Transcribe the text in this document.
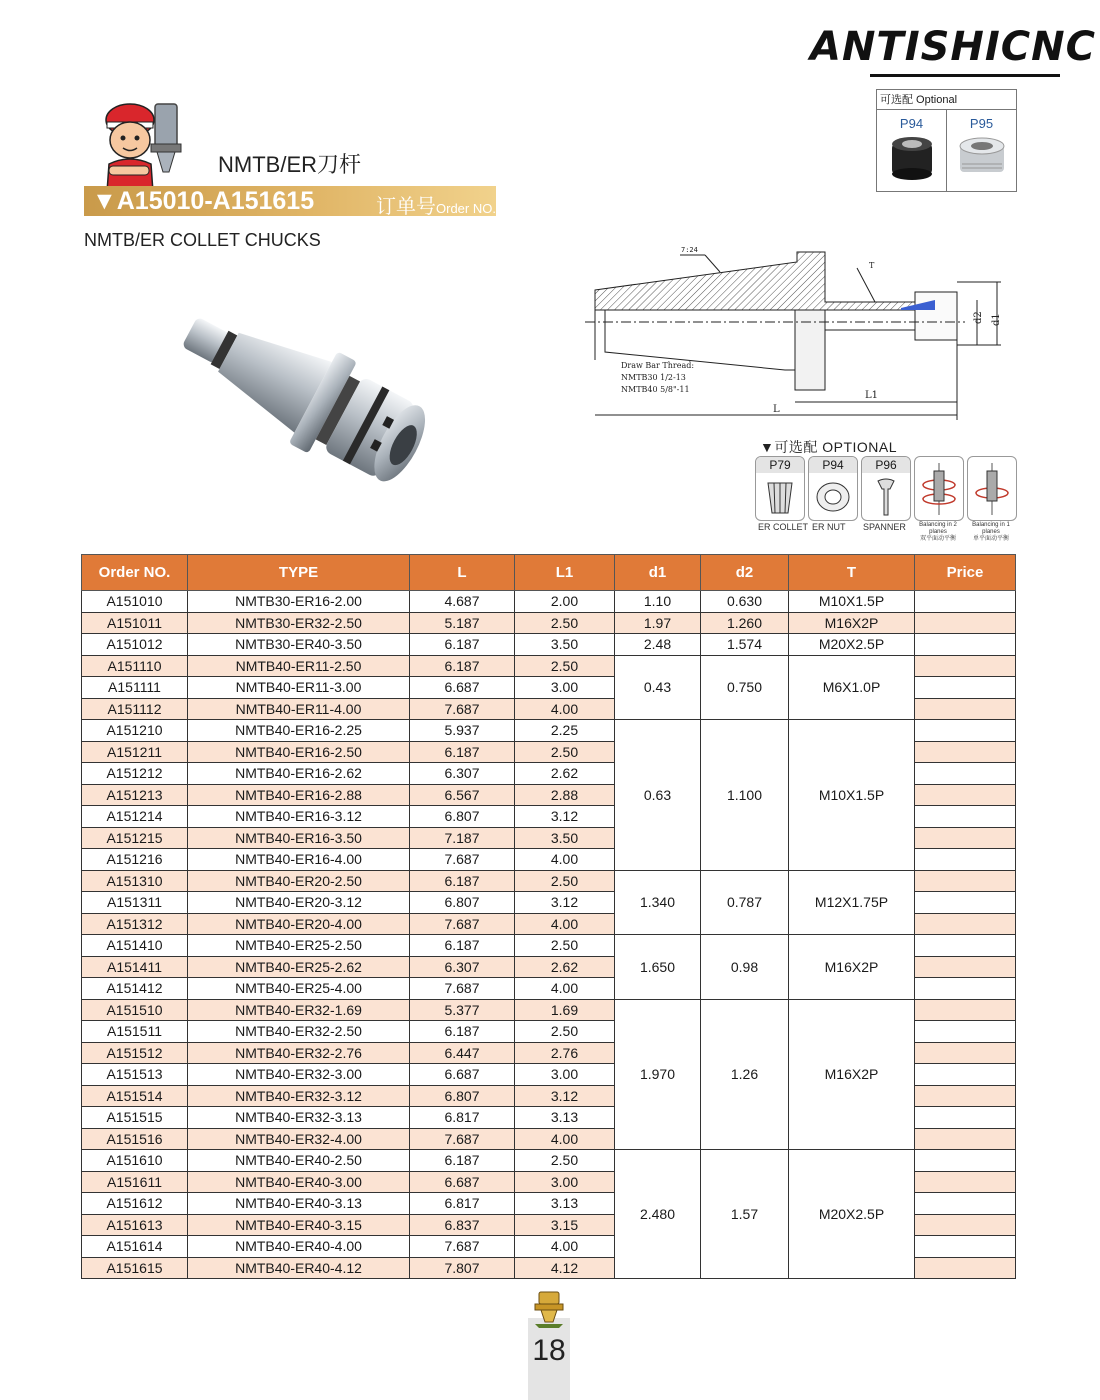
ANTISHICNC
NMTB/ER刀杆
▼A15010-A151615	订单号Order NO.
NMTB/ER COLLET CHUCKS
可选配 Optional
P94	P95
7:24
T
L1
L
d2 d1
Draw Bar Thread:
NMTB30 1/2-13
NMTB40 5/8"-11
▼可选配 OPTIONAL
P79	P94	P96
ER COLLET ER NUT SPANNER	Balancing in 2 planes
双平面动平衡
Balancing in 1 planes
单平面动平衡
Order NO.	TYPE	L	L1	d1	d2	T	Price
A151010	NMTB30-ER16-2.00	4.687	2.00	1.10	0.630	M10X1.5P	
A151011	NMTB30-ER32-2.50	5.187	2.50	1.97	1.260	M16X2P	
A151012	NMTB30-ER40-3.50	6.187	3.50	2.48	1.574	M20X2.5P	
A151110	NMTB40-ER11-2.50	6.187	2.50	0.43	0.750	M6X1.0P	
A151111	NMTB40-ER11-3.00	6.687	3.00				
A151112	NMTB40-ER11-4.00	7.687	4.00				
A151210	NMTB40-ER16-2.25	5.937	2.25	0.63	1.100	M10X1.5P	
A151211	NMTB40-ER16-2.50	6.187	2.50				
A151212	NMTB40-ER16-2.62	6.307	2.62				
A151213	NMTB40-ER16-2.88	6.567	2.88				
A151214	NMTB40-ER16-3.12	6.807	3.12				
A151215	NMTB40-ER16-3.50	7.187	3.50				
A151216	NMTB40-ER16-4.00	7.687	4.00				
A151310	NMTB40-ER20-2.50	6.187	2.50	1.340	0.787	M12X1.75P	
A151311	NMTB40-ER20-3.12	6.807	3.12				
A151312	NMTB40-ER20-4.00	7.687	4.00				
A151410	NMTB40-ER25-2.50	6.187	2.50	1.650	0.98	M16X2P	
A151411	NMTB40-ER25-2.62	6.307	2.62				
A151412	NMTB40-ER25-4.00	7.687	4.00				
A151510	NMTB40-ER32-1.69	5.377	1.69	1.970	1.26	M16X2P	
A151511	NMTB40-ER32-2.50	6.187	2.50				
A151512	NMTB40-ER32-2.76	6.447	2.76				
A151513	NMTB40-ER32-3.00	6.687	3.00				
A151514	NMTB40-ER32-3.12	6.807	3.12				
A151515	NMTB40-ER32-3.13	6.817	3.13				
A151516	NMTB40-ER32-4.00	7.687	4.00				
A151610	NMTB40-ER40-2.50	6.187	2.50	2.480	1.57	M20X2.5P	
A151611	NMTB40-ER40-3.00	6.687	3.00				
A151612	NMTB40-ER40-3.13	6.817	3.13				
A151613	NMTB40-ER40-3.15	6.837	3.15				
A151614	NMTB40-ER40-4.00	7.687	4.00				
A151615	NMTB40-ER40-4.12	7.807	4.12				
18
